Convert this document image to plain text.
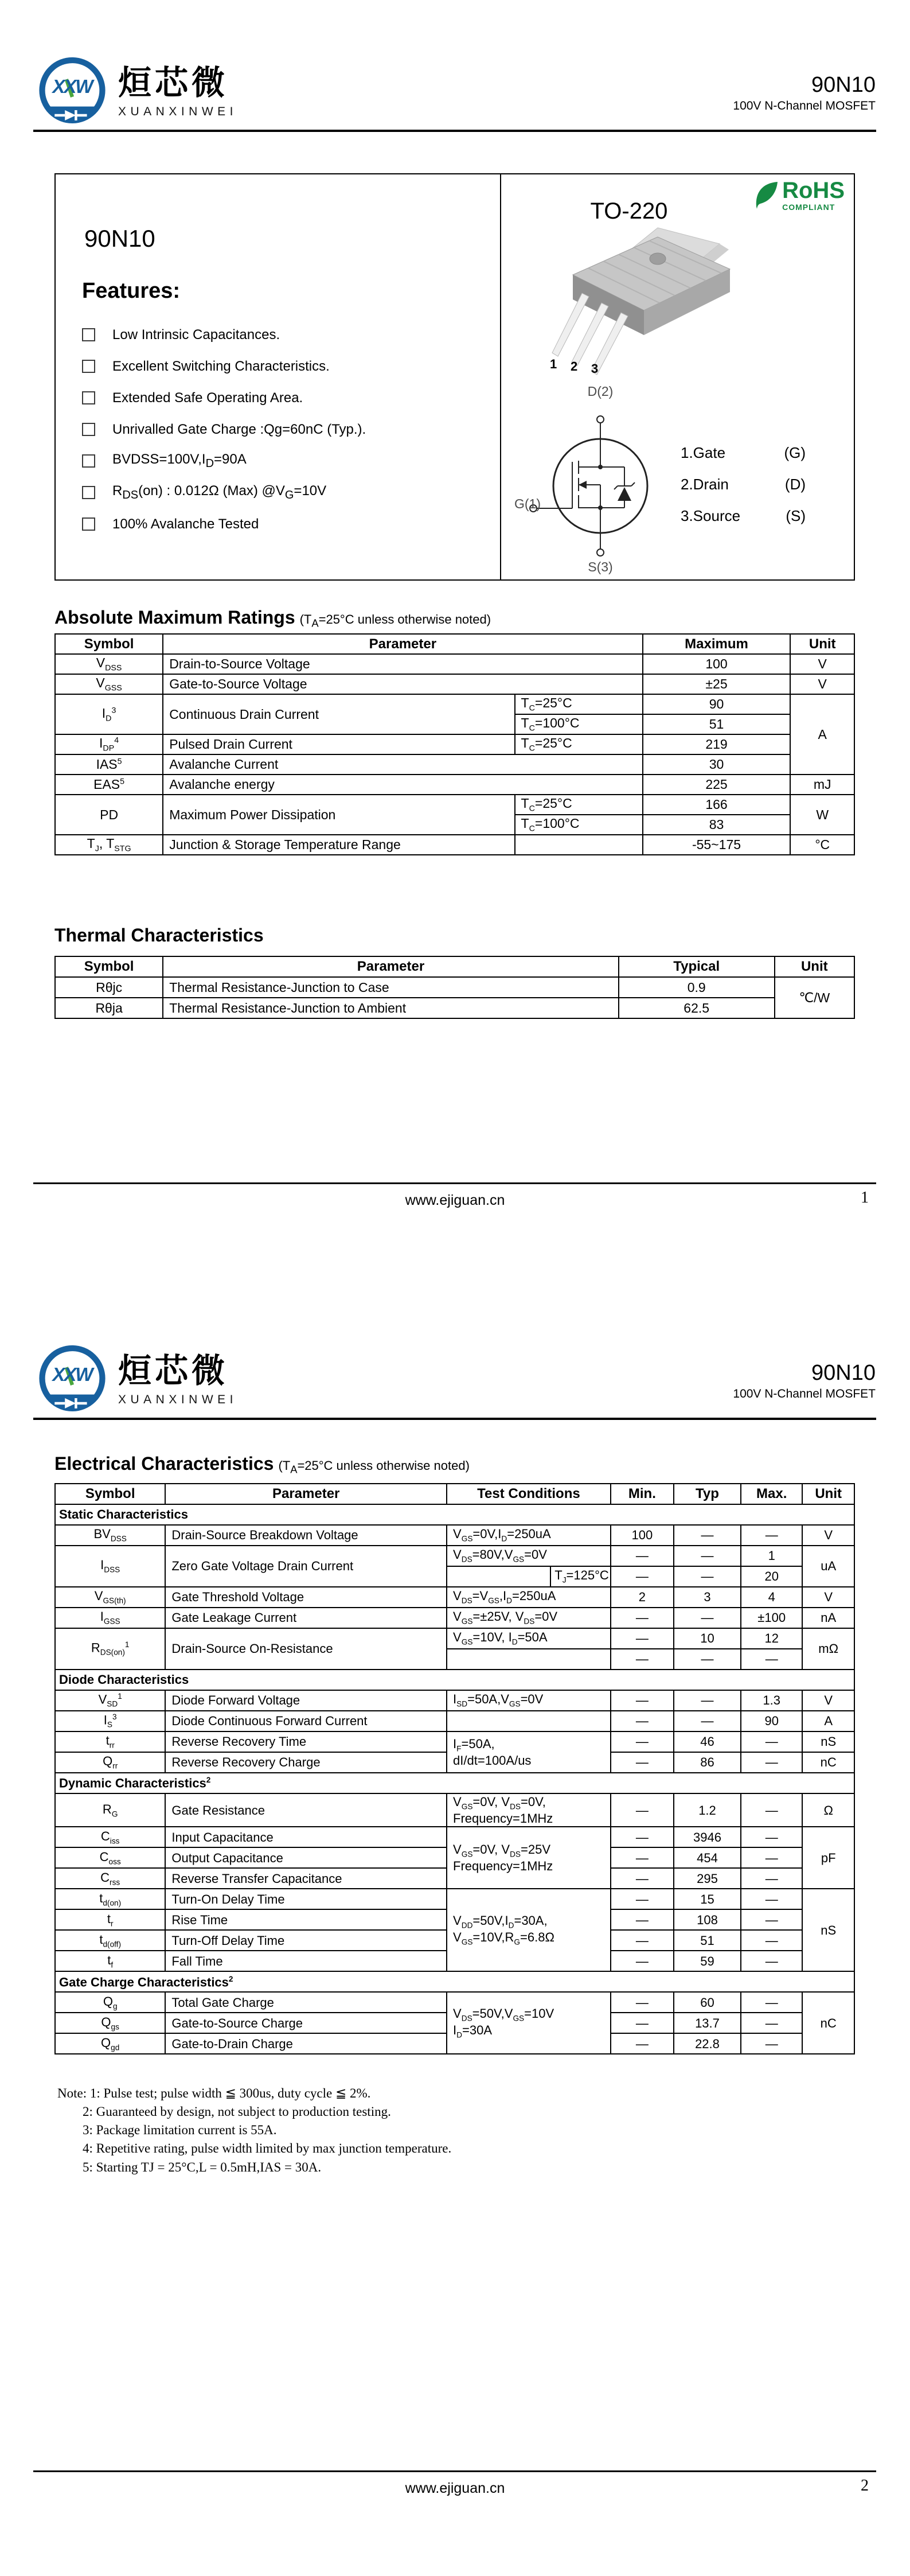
XXW 烜芯微
XUANXINWEI
90N10
100V N-Channel MOSFET
90N10
Features:
Low Intrinsic Capacitances.
Excellent Switching Characteristics.
Extended Safe Operating Area.
Unrivalled Gate Charge :Qg=60nC (Typ.).
$BVDSS=100V,I_D=90A$
$R_{DS}(on)$ : 0.012Ω (Max) $@V_G=10V$
100% Avalanche Tested
TO-220
RoHS
COMPLIANT
1 2 3
D(2)
G(1)
S(3)
1.Gate	(G)
2.Drain	(D)
3.Source	(S)
Absolute Maximum Ratings ($T_A=25^\circ C$ unless otherwise noted)
Symbol	Parameter		Maximum	Unit
$V_{DSS}$	Drain-to-Source Voltage		100	V
$V_{GSS}$	Gate-to-Source Voltage		±25	V
$I_D^3$	Continuous Drain Current	$T_C=25^\circ C$	90	A
		$T_C=100^\circ C$	51	
$I_{DP}^4$	Pulsed Drain Current	$T_C=25^\circ C$	219	
IAS$^5$	Avalanche Current		30	
EAS$^5$	Avalanche energy		225	mJ
PD	Maximum Power Dissipation	$T_C=25^\circ C$	166	W
		$T_C=100^\circ C$	83	
$T_J$, $T_{STG}$	Junction & Storage Temperature Range		-55~175	°C
Thermal Characteristics
Symbol	Parameter	Typical	Unit
Rθjc	Thermal Resistance-Junction to Case	0.9	℃/W
Rθja	Thermal Resistance-Junction to Ambient	62.5	
www.ejiguan.cn	1
XXW 烜芯微
XUANXINWEI
90N10
100V N-Channel MOSFET
Electrical Characteristics ($T_A=25^\circ C$ unless otherwise noted)
Symbol	Parameter	Test Conditions		Min.	Typ	Max.	Unit
Static Characteristics							
$BV_{DSS}$	Drain-Source Breakdown Voltage	$V_{GS}=0V,I_D=250uA$		100	—	—	V
$I_{DSS}$	Zero Gate Voltage Drain Current	$V_{DS}=80V,V_{GS}=0V$		—	—	1	uA
			$T_J=125^\circ C$	—	—	20	
$V_{GS(th)}$	Gate Threshold Voltage	$V_{DS}=V_{GS},I_D=250uA$		2	3	4	V
$I_{GSS}$	Gate Leakage Current	$V_{GS}=\pm 25V$, $V_{DS}=0V$		—	—	±100	nA
$R_{DS(on)}^1$	Drain-Source On-Resistance	$V_{GS}=10V$, $I_D=50A$		—	10	12	mΩ
				—	—	—	
Diode Characteristics							
$V_{SD}^1$	Diode Forward Voltage	$I_{SD}=50A,V_{GS}=0V$		—	—	1.3	V
$I_S^3$	Diode Continuous Forward Current			—	—	90	A
$t_{rr}$	Reverse Recovery Time	$I_F=50A$,
dI/dt=100A/us		—	46	—	nS
$Q_{rr}$	Reverse Recovery Charge			—	86	—	nC
Dynamic Characteristics$^2$
$R_G$	Gate Resistance	$V_{GS}=0V$, $V_{DS}=0V$,
Frequency=1MHz		—	1.2	—	Ω
$C_{iss}$	Input Capacitance	$V_{GS}=0V$, $V_{DS}=25V$
Frequency=1MHz		—	3946	—	pF
$C_{oss}$	Output Capacitance			—	454	—	
$C_{rss}$	Reverse Transfer Capacitance			—	295	—	
$t_{d(on)}$	Turn-On Delay Time	$V_{DD}=50V,I_D=30A$,
$V_{GS}=10V,R_G=6.8\Omega$		—	15	—	nS
$t_r$	Rise Time			—	108	—	
$t_{d(off)}$	Turn-Off Delay Time			—	51	—	
$t_f$	Fall Time			—	59	—	
Gate Charge Characteristics$^2$
$Q_g$	Total Gate Charge	$V_{DS}=50V,V_{GS}=10V$
$I_D=30A$		—	60	—	nC
$Q_{gs}$	Gate-to-Source Charge			—	13.7	—	
$Q_{gd}$	Gate-to-Drain Charge			—	22.8	—	
Note: 1: Pulse test; pulse width ≦ 300us, duty cycle ≦ 2%.
2: Guaranteed by design, not subject to production testing.
3: Package limitation current is 55A.
4: Repetitive rating, pulse width limited by max junction temperature.
5: Starting TJ = 25°C,L = 0.5mH,IAS = 30A.
www.ejiguan.cn	2
